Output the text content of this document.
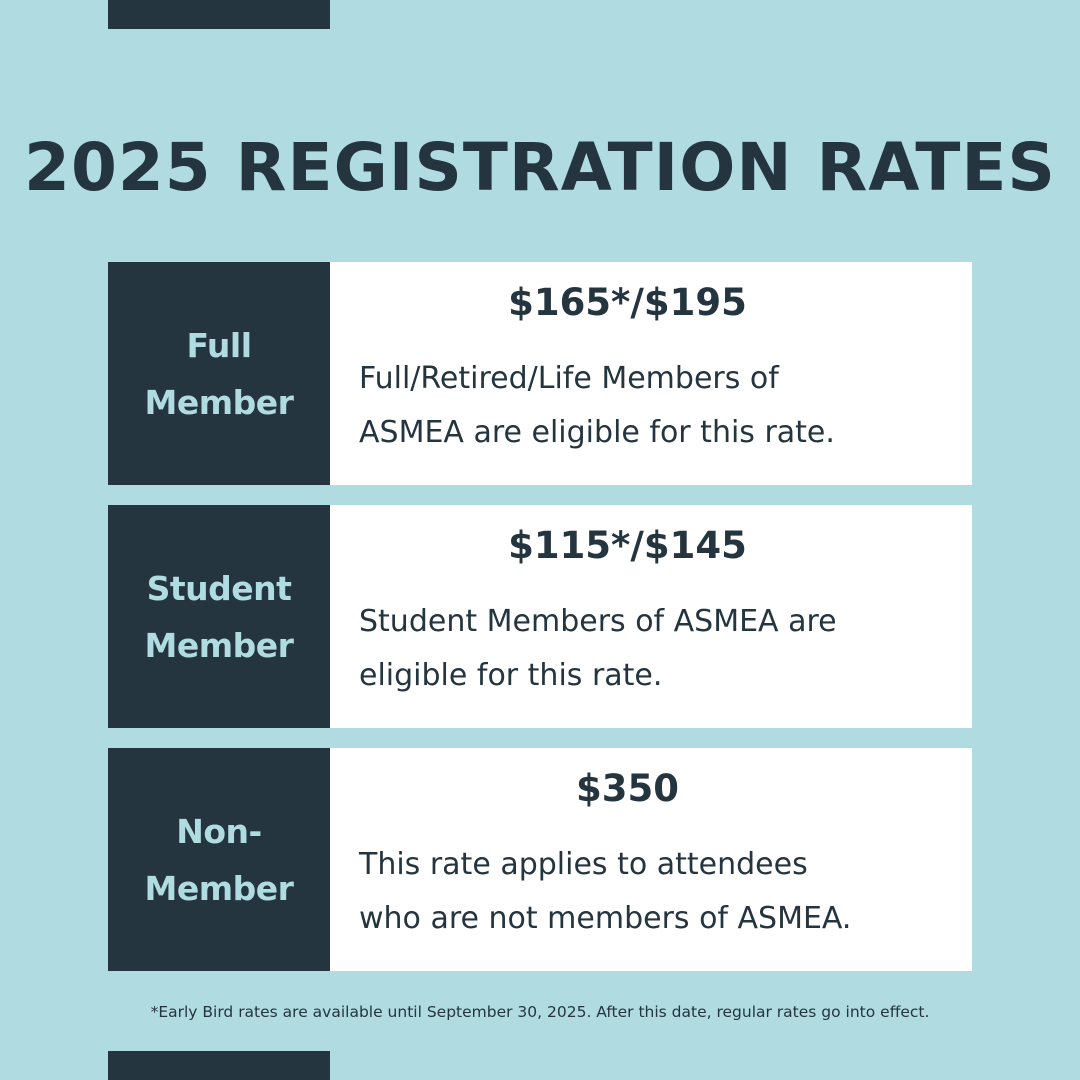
2025 REGISTRATION RATES
Full
Member
$165*/$195

Full/Retired/Life Members of
ASMEA are eligible for this rate.

Student
Member
$115*/$145

Student Members of ASMEA are
eligible for this rate.

Non-
Member
$350

This rate applies to attendees
who are not members of ASMEA.

*Early Bird rates are available until September 30, 2025. After this date, regular rates go into effect.
